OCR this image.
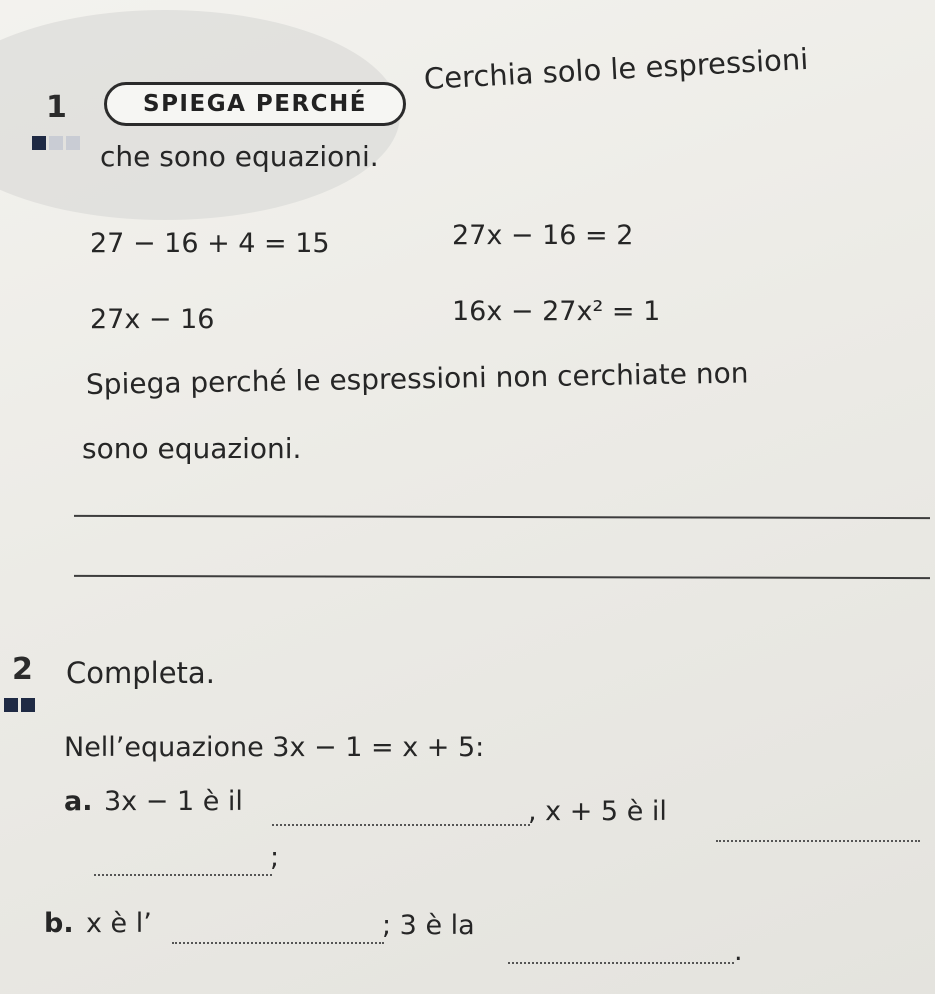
1	SPIEGA PERCHÉ
Cerchia solo le espressioni
che sono equazioni.
27 − 16 + 4 = 15	27x − 16 = 2
27x − 16	16x − 27x² = 1
Spiega perché le espressioni non cerchiate non
sono equazioni.
2 Completa.
Nell’equazione 3x − 1 = x + 5:
a. 3x − 1 è il	, x + 5 è il
;
b. x è l’	; 3 è la
.
